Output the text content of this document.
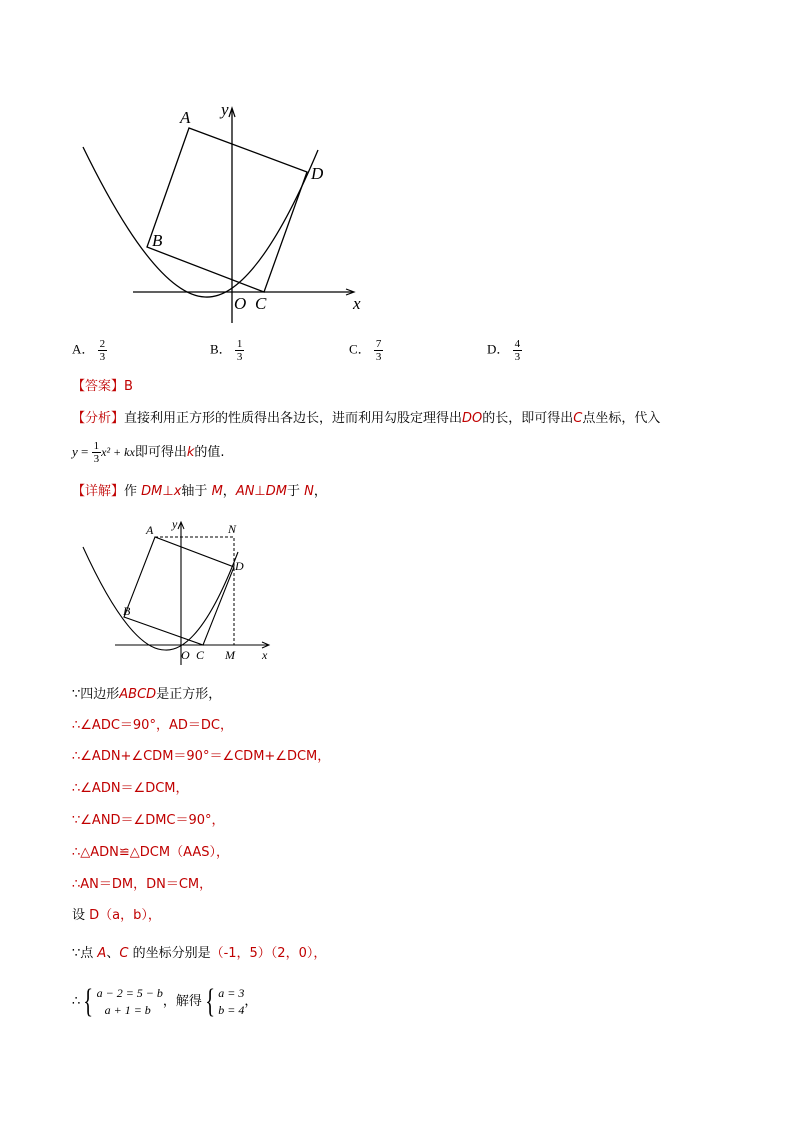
A
B
D
O C	x
y
A． $\frac{2}{3}$	B． $\frac{1}{3}$	C． $\frac{7}{3}$	D． $\frac{4}{3}$
【答案】B
【分析】直接利用正方形的性质得出各边长，进而利用勾股定理得出DO的长，即可得出C点坐标，代入
$y = \frac{1}{3} x^2$ + kx即可得出k的值.
【详解】作 DM⊥x轴于 M，AN⊥DM于 N，
A	N
y
B
D
O C M x
∵四边形ABCD是正方形，
∴∠ADC＝90°，AD＝DC，
∴∠ADN+∠CDM＝90°＝∠CDM+∠DCM，
∴∠ADN＝∠DCM，
∵∠AND＝∠DMC＝90°，
∴△ADN≌△DCM（AAS），
∴AN＝DM，DN＝CM，
设 D（a，b），
∵点 A、C 的坐标分别是（-1，5）（2，0），
∴{ a − 2 = 5 − b
a + 1 = b
，解得{ a = 3
b = 4
，
